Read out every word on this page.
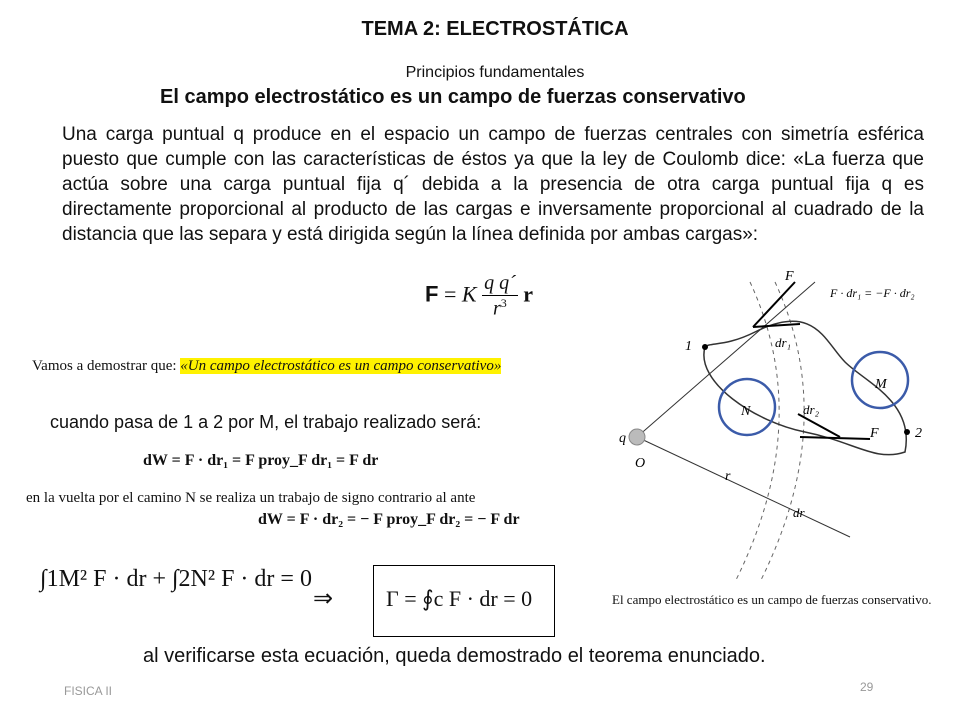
TEMA 2: ELECTROSTÁTICA
Principios fundamentales
El campo electrostático es un campo de fuerzas conservativo
Una carga puntual q produce en el espacio un campo de fuerzas centrales con simetría esférica puesto que cumple con las características de éstos ya que la ley de Coulomb dice: «La fuerza que actúa sobre una carga puntual fija q´ debida a la presencia de otra carga puntual fija q es directamente proporcional al producto de las cargas e inversamente proporcional al cuadrado de la distancia que las separa y está dirigida según la línea definida por ambas cargas»:
F = K $\frac{\text{q q´}}{r^3}$ r
Vamos a demostrar que: «Un campo electrostático es un campo conservativo»
cuando pasa de 1 a 2 por M, el trabajo realizado será:
dW = F · dr₁ = F proy_F dr₁ = F dr
en la vuelta por el camino N se realiza un trabajo de signo contrario al ante
dW = F · dr₂ = − F proy_F dr₂ = − F dr
∫1M² F · dr + ∫2N² F · dr = 0
⇒	Γ = ∮c F · dr = 0
al verificarse esta ecuación, queda demostrado el teorema enunciado.
F
F · dr₁ = −F · dr₂
dr₁
1
M
N	dr₂
F	2
q
O
r
dr
El campo electrostático es un campo de fuerzas conservativo.
FISICA II	29
